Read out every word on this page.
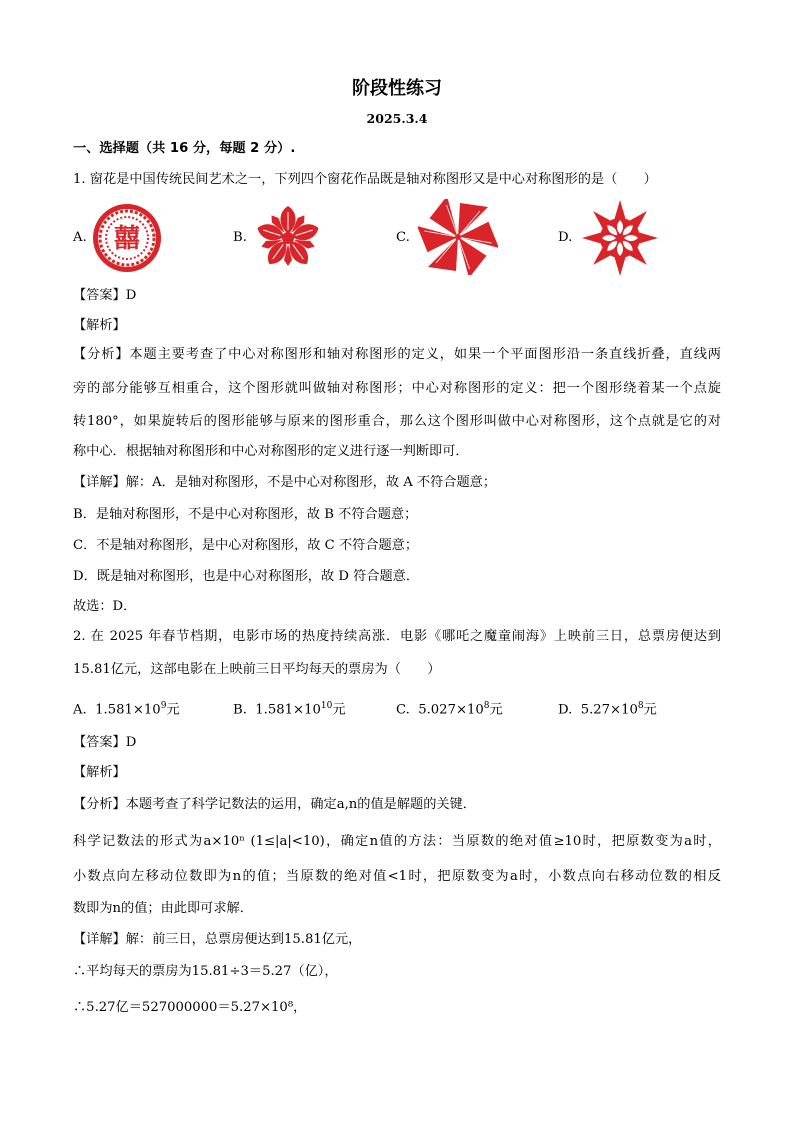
阶段性练习
2025.3.4
一、选择题（共 16 分，每题 2 分）.
1. 窗花是中国传统民间艺术之一，下列四个窗花作品既是轴对称图形又是中心对称图形的是（　　）
A. 囍	B.	C.	D.
【答案】D
【解析】
【分析】本题主要考查了中心对称图形和轴对称图形的定义，如果一个平面图形沿一条直线折叠，直线两
旁的部分能够互相重合，这个图形就叫做轴对称图形；中心对称图形的定义：把一个图形绕着某一个点旋
转180°，如果旋转后的图形能够与原来的图形重合，那么这个图形叫做中心对称图形，这个点就是它的对
称中心．根据轴对称图形和中心对称图形的定义进行逐一判断即可．
【详解】解：A．是轴对称图形，不是中心对称图形，故 A 不符合题意；
B．是轴对称图形，不是中心对称图形，故 B 不符合题意；
C．不是轴对称图形，是中心对称图形，故 C 不符合题意；
D．既是轴对称图形，也是中心对称图形，故 D 符合题意．
故选：D．
2. 在 2025 年春节档期，电影市场的热度持续高涨．电影《哪吒之魔童闹海》上映前三日，总票房便达到
15.81亿元，这部电影在上映前三日平均每天的票房为（　　）
A. $1.581\times 10^9$元	B. $1.581\times 10^{10}$元	C. $5.027\times 10^8$元	D. $5.27\times 10^8$元
【答案】D
【解析】
【分析】本题考查了科学记数法的运用，确定a,n的值是解题的关键．
科学记数法的形式为a×10ⁿ (1≤|a|<10)，确定n值的方法：当原数的绝对值≥10时，把原数变为a时，
小数点向左移动位数即为n的值；当原数的绝对值<1时，把原数变为a时，小数点向右移动位数的相反
数即为n的值；由此即可求解．
【详解】解：前三日，总票房便达到15.81亿元，
∴平均每天的票房为15.81÷3＝5.27（亿），
∴5.27亿＝527000000＝5.27×10⁸，
